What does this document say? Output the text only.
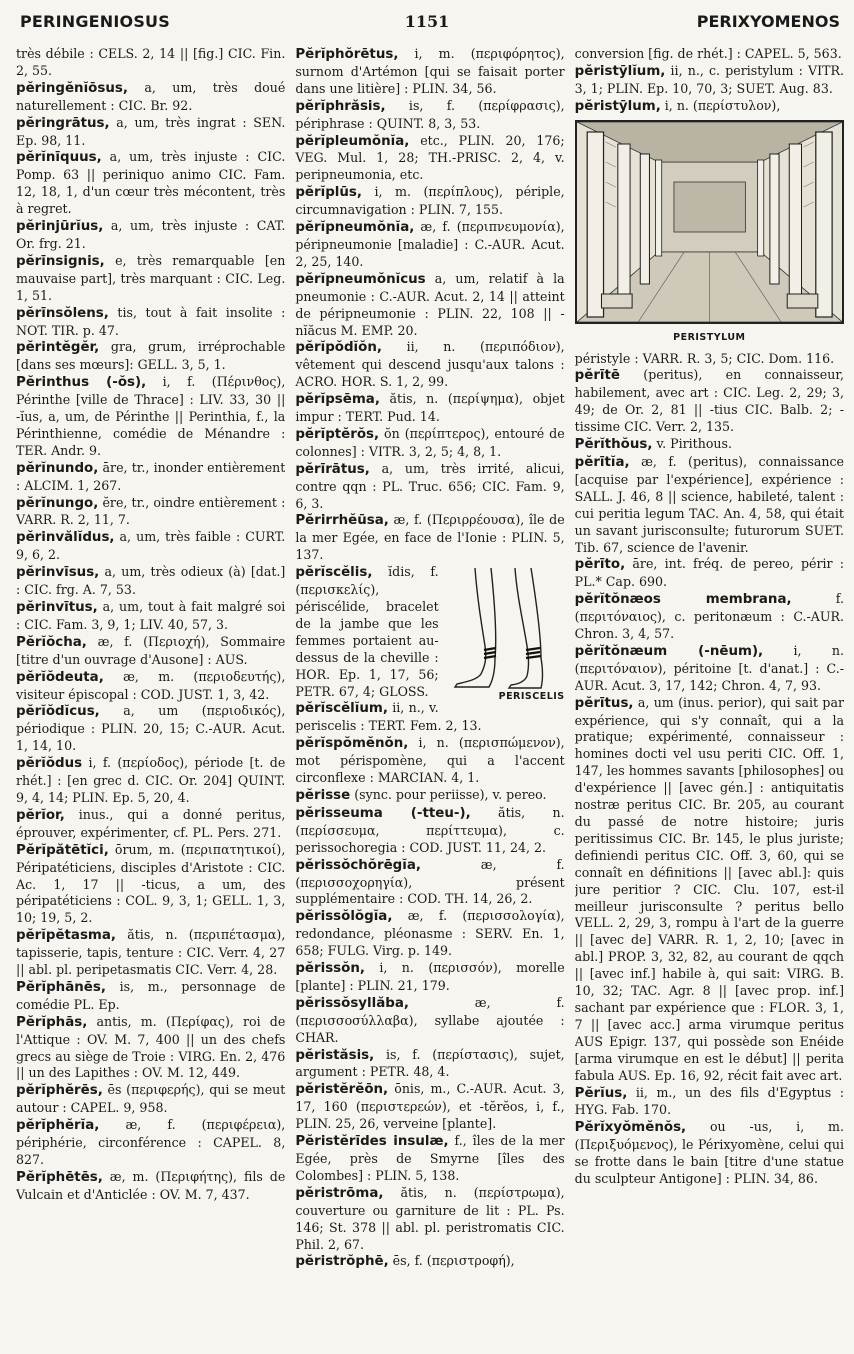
PERINGENIOSUS	1151	PERIXYOMENOS
très débile : CELS. 2, 14 || [fig.] CIC. Fin. 2, 55.
pĕringĕnĭōsus, a, um, très doué naturellement : CIC. Br. 92.
pĕringrātus, a, um, très ingrat : SEN. Ep. 98, 11.
pĕrĭnīquus, a, um, très injuste : CIC. Pomp. 63 || periniquo animo CIC. Fam. 12, 18, 1, d'un cœur très mécontent, très à regret.
pĕrinjūrĭus, a, um, très injuste : CAT. Or. frg. 21.
pĕrīnsignis, e, très remarquable [en mauvaise part], très marquant : CIC. Leg. 1, 51.
pĕrīnsŏlens, tis, tout à fait insolite : NOT. TIR. p. 47.
pĕrintĕgĕr, gra, grum, irréprochable [dans ses mœurs]: GELL. 3, 5, 1.
Pĕrinthus (-ŏs), i, f. (Πέρινθος), Périnthe [ville de Thrace] : LIV. 33, 30 || -ĭus, a, um, de Périnthe || Perinthia, f., la Périnthienne, comédie de Ménandre : TER. Andr. 9.
pĕrĭnundo, āre, tr., inonder entièrement : ALCIM. 1, 267.
pĕrĭnungo, ĕre, tr., oindre entièrement : VARR. R. 2, 11, 7.
pĕrinvălĭdus, a, um, très faible : CURT. 9, 6, 2.
pĕrinvīsus, a, um, très odieux (à) [dat.] : CIC. frg. A. 7, 53.
pĕrinvītus, a, um, tout à fait malgré soi : CIC. Fam. 3, 9, 1; LIV. 40, 57, 3.
Pĕrĭŏcha, æ, f. (Περιοχή), Sommaire [titre d'un ouvrage d'Ausone] : AUS.
pĕrĭŏdeuta, æ, m. (περιοδευτής), visiteur épiscopal : COD. JUST. 1, 3, 42.
pĕrĭŏdĭcus, a, um (περιοδικός), périodique : PLIN. 20, 15; C.-AUR. Acut. 1, 14, 10.
pĕrĭŏdus i, f. (περίοδος), période [t. de rhét.] : [en grec d. CIC. Or. 204] QUINT. 9, 4, 14; PLIN. Ep. 5, 20, 4.
pĕrĭor, inus., qui a donné peritus, éprouver, expérimenter, cf. PL. Pers. 271.
Pĕrĭpătētĭci, ōrum, m. (περιπατητικοί), Péripatéticiens, disciples d'Aristote : CIC. Ac. 1, 17 || -ticus, a um, des péripatéticiens : COL. 9, 3, 1; GELL. 1, 3, 10; 19, 5, 2.
pĕrĭpĕtasma, ătis, n. (περιπέτασμα), tapisserie, tapis, tenture : CIC. Verr. 4, 27 || abl. pl. peripetasmatis CIC. Verr. 4, 28.
Pĕrĭphānēs, is, m., personnage de comédie PL. Ep.
Pĕrĭphās, antis, m. (Περίφας), roi de l'Attique : OV. M. 7, 400 || un des chefs grecs au siège de Troie : VIRG. En. 2, 476 || un des Lapithes : OV. M. 12, 449.
pĕrĭphĕrēs, ēs (περιφερής), qui se meut autour : CAPEL. 9, 958.
pĕrĭphĕrĭa, æ, f. (περιφέρεια), périphérie, circonférence : CAPEL. 8, 827.
Pĕrĭphētēs, æ, m. (Περιφήτης), fils de Vulcain et d'Anticlée : OV. M. 7, 437.
Pĕrĭphŏrētus, i, m. (περιφόρητος), surnom d'Artémon [qui se faisait porter dans une litière] : PLIN. 34, 56.
pĕrĭphrăsis, is, f. (περίφρασις), périphrase : QUINT. 8, 3, 53.
pĕrĭpleumŏnĭa, etc., PLIN. 20, 176; VEG. Mul. 1, 28; TH.-PRISC. 2, 4, v. peripneumonia, etc.
pĕrĭplūs, i, m. (περίπλους), périple, circumnavigation : PLIN. 7, 155.
pĕrĭpneumŏnĭa, æ, f. (περιπνευμονία), péripneumonie [maladie] : C.-AUR. Acut. 2, 25, 140.
pĕrĭpneumŏnĭcus a, um, relatif à la pneumonie : C.-AUR. Acut. 2, 14 || atteint de péripneumonie : PLIN. 22, 108 || -nĭăcus M. EMP. 20.
pĕrĭpŏdĭŏn, ii, n. (περιπόδιον), vêtement qui descend jusqu'aux talons : ACRO. HOR. S. 1, 2, 99.
pĕrĭpsēma, ătis, n. (περίψημα), objet impur : TERT. Pud. 14.
pĕrĭptĕrŏs, ŏn (περίπτερος), entouré de colonnes] : VITR. 3, 2, 5; 4, 8, 1.
pĕrīrātus, a, um, très irrité, alicui, contre qqn : PL. Truc. 656; CIC. Fam. 9, 6, 3.
Pĕrirrhĕūsa, æ, f. (Περιρρέουσα), île de la mer Egée, en face de l'Ionie : PLIN. 5, 137.
PERISCELIS
pĕrĭscĕlis, ĭdis, f. (περισκελίς), périscélide, bracelet de la jambe que les femmes portaient au-dessus de la cheville : HOR. Ep. 1, 17, 56; PETR. 67, 4; GLOSS.
pĕrĭscĕlĭum, ii, n., v. periscelis : TERT. Fem. 2, 13.
pĕrĭspŏmĕnŏn, i, n. (περισπώμενον), mot périspomène, qui a l'accent circonflexe : MARCIAN. 4, 1.
pĕrisse (sync. pour periisse), v. pereo.
pĕrisseuma (-tteu-), ătis, n. (περίσσευμα, περίττευμα), c. perissochoregia : COD. JUST. 11, 24, 2.
pĕrissŏchŏrēgĭa, æ, f. (περισσοχορηγία), présent supplémentaire : COD. TH. 14, 26, 2.
pĕrissŏlŏgĭa, æ, f. (περισσολογία), redondance, pléonasme : SERV. En. 1, 658; FULG. Virg. p. 149.
pĕrissŏn, i, n. (περισσόν), morelle [plante] : PLIN. 21, 179.
pĕrissŏsyllăba, æ, f. (περισσοσύλλαβα), syllabe ajoutée : CHAR.
pĕristăsis, is, f. (περίστασις), sujet, argument : PETR. 48, 4.
pĕristĕrĕōn, ōnis, m., C.-AUR. Acut. 3, 17, 160 (περιστερεών), et -tĕrĕos, i, f., PLIN. 25, 26, verveine [plante].
Pĕristĕrīdes insulæ, f., îles de la mer Egée, près de Smyrne [îles des Colombes] : PLIN. 5, 138.
pĕristrōma, ătis, n. (περίστρωμα), couverture ou garniture de lit : PL. Ps. 146; St. 378 || abl. pl. peristromatis CIC. Phil. 2, 67.
pĕristrŏphē, ēs, f. (περιστροφή),
conversion [fig. de rhét.] : CAPEL. 5, 563.
pĕristȳlĭum, ii, n., c. peristylum : VITR. 3, 1; PLIN. Ep. 10, 70, 3; SUET. Aug. 83.
pĕristȳlum, i, n. (περίστυλον),
PERISTYLUM
péristyle : VARR. R. 3, 5; CIC. Dom. 116.
pĕrītē (peritus), en connaisseur, habilement, avec art : CIC. Leg. 2, 29; 3, 49; de Or. 2, 81 || -tius CIC. Balb. 2; -tissime CIC. Verr. 2, 135.
Pĕrĭthŏus, v. Pirithous.
pĕrītĭa, æ, f. (peritus), connaissance [acquise par l'expérience], expérience : SALL. J. 46, 8 || science, habileté, talent : cui peritia legum TAC. An. 4, 58, qui était un savant jurisconsulte; futurorum SUET. Tib. 67, science de l'avenir.
pĕrīto, āre, int. fréq. de pereo, périr : PL.* Cap. 690.
pĕrĭtŏnæos membrana, f. (περιτόναιος), c. peritonæum : C.-AUR. Chron. 3, 4, 57.
pĕrĭtŏnæum (-nēum), i, n. (περιτόναιον), péritoine [t. d'anat.] : C.-AUR. Acut. 3, 17, 142; Chron. 4, 7, 93.
pĕrītus, a, um (inus. perior), qui sait par expérience, qui s'y connaît, qui a la pratique; expérimenté, connaisseur : homines docti vel usu periti CIC. Off. 1, 147, les hommes savants [philosophes] ou d'expérience || [avec gén.] : antiquitatis nostræ peritus CIC. Br. 205, au courant du passé de notre histoire; juris peritissimus CIC. Br. 145, le plus juriste; definiendi peritus CIC. Off. 3, 60, qui se connaît en définitions || [avec abl.]: quis jure peritior ? CIC. Clu. 107, est-il meilleur jurisconsulte ? peritus bello VELL. 2, 29, 3, rompu à l'art de la guerre || [avec de] VARR. R. 1, 2, 10; [avec in abl.] PROP. 3, 32, 82, au courant de qqch || [avec inf.] habile à, qui sait: VIRG. B. 10, 32; TAC. Agr. 8 || [avec prop. inf.] sachant par expérience que : FLOR. 3, 1, 7 || [avec acc.] arma virumque peritus AUS Epigr. 137, qui possède son Enéide [arma virumque en est le début] || perita fabula AUS. Ep. 16, 92, récit fait avec art.
Pĕrĭus, ii, m., un des fils d'Egyptus : HYG. Fab. 170.
Pĕrĭxyŏmĕnŏs, ou -us, i, m. (Περιξυόμενος), le Périxyomène, celui qui se frotte dans le bain [titre d'une statue du sculpteur Antigone] : PLIN. 34, 86.
